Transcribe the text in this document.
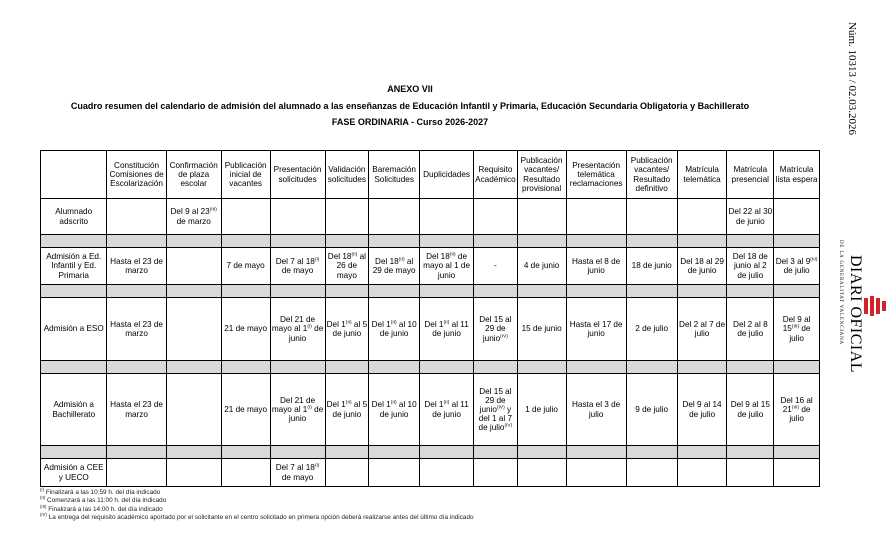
ANEXO VII
Cuadro resumen del calendario de admisión del alumnado a las enseñanzas de Educación Infantil y Primaria, Educación Secundaria Obligatoria y Bachillerato
FASE ORDINARIA - Curso 2026-2027
	Constitución Comisiones de Escolarización	Confirmación de plaza escolar	Publicación inicial de vacantes	Presentación solicitudes	Validación solicitudes	Baremación Solicitudes	Duplicidades	Requisito Académico	Publicación vacantes/ Resultado provisional	Presentación telemática reclamaciones	Publicación vacantes/ Resultado definitivo	Matrícula telemática	Matrícula presencial	Matrícula lista espera
Alumnado adscrito		Del 9 al $23^{(III)}$ de marzo											Del 22 al 30 de junio	

Admisión a Ed. Infantil y Ed. Primaria	Hasta el 23 de marzo		7 de mayo	Del 7 al $18^{(I)}$ de mayo	Del $18^{(II)}$ al 26 de mayo	Del $18^{(II)}$ al 29 de mayo	Del $18^{(II)}$ de mayo al 1 de junio	-	4 de junio	Hasta el 8 de junio	18 de junio	Del 18 al 29 de junio	Del 18 de junio al 2 de julio	Del 3 al $9^{(III)}$ de julio

Admisión a ESO	Hasta el 23 de marzo		21 de mayo	Del 21 de mayo al $1^{(I)}$ de junio	Del $1^{(II)}$ al 5 de junio	Del $1^{(II)}$ al 10 de junio	Del $1^{(II)}$ al 11 de junio	Del 15 al 29 de junio$^{(IV)}$	15 de junio	Hasta el 17 de junio	2 de julio	Del 2 al 7 de julio	Del 2 al 8 de julio	Del 9 al $15^{(III)}$ de julio

Admisión a Bachillerato	Hasta el 23 de marzo		21 de mayo	Del 21 de mayo al $1^{(I)}$ de junio	Del $1^{(II)}$ al 5 de junio	Del $1^{(II)}$ al 10 de junio	Del $1^{(II)}$ al 11 de junio	Del 15 al 29 de junio$^{(IV)}$ y del 1 al 7 de julio$^{(IV)}$	1 de julio	Hasta el 3 de julio	9 de julio	Del 9 al 14 de julio	Del 9 al 15 de julio	Del 16 al $21^{(III)}$ de julio

Admisión a CEE y UECO				Del 7 al $18^{(I)}$ de mayo										
$^{(I)}$ Finalizará a las 10:59 h. del día indicado
$^{(II)}$ Comenzará a las 11:00 h. del día indicado
$^{(III)}$ Finalizará a las 14:00 h. del día indicado
$^{(IV)}$ La entrega del requisito académico aportado por el solicitante en el centro solicitado en primera opción deberá realizarse antes del último día indicado
Núm. 10313 / 02.03.2026
DE LA GENERALITAT VALENCIANA DIARI OFICIAL
